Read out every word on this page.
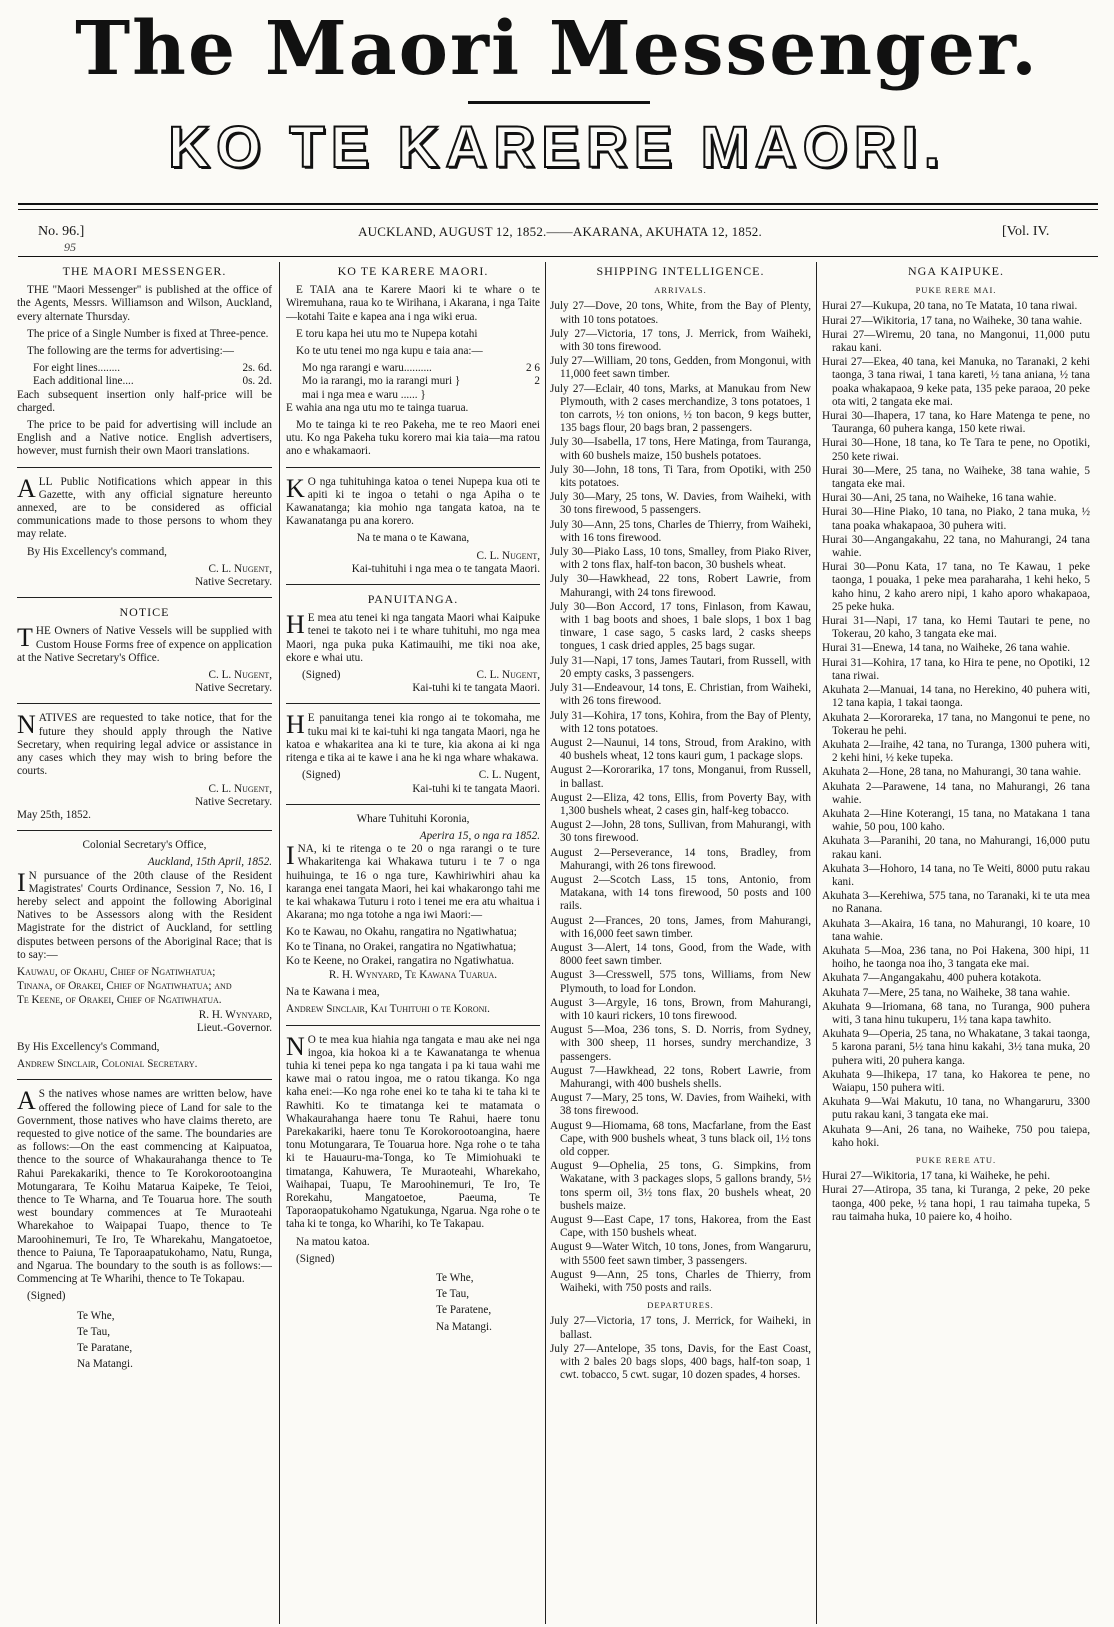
The Maori Messenger.
KO TE KARERE MAORI.
No. 96.]
95
AUCKLAND, AUGUST 12, 1852.——AKARANA, AKUHATA 12, 1852.	[Vol. IV.
THE MAORI MESSENGER.

THE "Maori Messenger" is published at the office of the Agents, Messrs. Williamson and Wilson, Auckland, every alternate Thursday.

The price of a Single Number is fixed at Three-pence.

The following are the terms for advertising:—

For eight lines........	2s. 6d.
Each additional line....	0s. 2d.

Each subsequent insertion only half-price will be charged.

The price to be paid for advertising will include an English and a Native notice. English advertisers, however, must furnish their own Maori translations.

ALL Public Notifications which appear in this Gazette, with any official signature hereunto annexed, are to be considered as official communications made to those persons to whom they may relate.

By His Excellency's command,

C. L. Nugent,

Native Secretary.

NOTICE

THE Owners of Native Vessels will be supplied with Custom House Forms free of expence on application at the Native Secretary's Office.

C. L. Nugent,

Native Secretary.

NATIVES are requested to take notice, that for the future they should apply through the Native Secretary, when requiring legal advice or assistance in any cases which they may wish to bring before the courts.

C. L. Nugent,

Native Secretary.

May 25th, 1852.

Colonial Secretary's Office,

Auckland, 15th April, 1852.

IN pursuance of the 20th clause of the Resident Magistrates' Courts Ordinance, Session 7, No. 16, I hereby select and appoint the following Aboriginal Natives to be Assessors along with the Resident Magistrate for the district of Auckland, for settling disputes between persons of the Aboriginal Race; that is to say:—

Kauwau, of Okahu, Chief of Ngatiwhatua;

Tinana, of Orakei, Chief of Ngatiwhatua; and

Te Keene, of Orakei, Chief of Ngatiwhatua.

R. H. Wynyard,

Lieut.-Governor.

By His Excellency's Command,

Andrew Sinclair, Colonial Secretary.

AS the natives whose names are written below, have offered the following piece of Land for sale to the Government, those natives who have claims thereto, are requested to give notice of the same. The boundaries are as follows:—On the east commencing at Kaipuatoa, thence to the source of Whakaurahanga thence to Te Rahui Parekakariki, thence to Te Korokorootoangina Motungarara, Te Koihu Matarua Kaipeke, Te Teioi, thence to Te Wharna, and Te Touarua hore. The south west boundary commences at Te Muraoteahi Wharekahoe to Waipapai Tuapo, thence to Te Maroohinemuri, Te Iro, Te Wharekahu, Mangatoetoe, thence to Paiuna, Te Taporaapatukohamo, Natu, Runga, and Ngarua. The boundary to the south is as follows:—Commencing at Te Wharihi, thence to Te Tokapau.

(Signed)

Te Whe,
Te Tau,
Te Paratane,
Na Matangi.
KO TE KARERE MAORI.

E TAIA ana te Karere Maori ki te whare o te Wiremuhana, raua ko te Wirihana, i Akarana, i nga Taite—kotahi Taite e kapea ana i nga wiki erua.

E toru kapa hei utu mo te Nupepa kotahi

Ko te utu tenei mo nga kupu e taia ana:—

Mo nga rarangi e waru..........	2 6
Mo ia rarangi, mo ia rarangi muri }	2
mai i nga mea e waru ...... }

E wahia ana nga utu mo te tainga tuarua.

Mo te tainga ki te reo Pakeha, me te reo Maori enei utu. Ko nga Pakeha tuku korero mai kia taia—ma ratou ano e whakamaori.

KO nga tuhituhinga katoa o tenei Nupepa kua oti te apiti ki te ingoa o tetahi o nga Apiha o te Kawanatanga; kia mohio nga tangata katoa, na te Kawanatanga pu ana korero.

Na te mana o te Kawana,

C. L. Nugent,

Kai-tuhituhi i nga mea o te tangata Maori.

PANUITANGA.

HE mea atu tenei ki nga tangata Maori whai Kaipuke tenei te takoto nei i te whare tuhituhi, mo nga mea Maori, nga puka puka Katimauihi, me tiki noa ake, ekore e whai utu.

(Signed)	C. L. Nugent,

Kai-tuhi ki te tangata Maori.

HE panuitanga tenei kia rongo ai te tokomaha, me tuku mai ki te kai-tuhi ki nga tangata Maori, nga he katoa e whakaritea ana ki te ture, kia akona ai ki nga ritenga e tika ai te kawe i ana he ki nga whare whakawa.

(Signed)	C. L. Nugent,

Kai-tuhi ki te tangata Maori.

Whare Tuhituhi Koronia,

Aperira 15, o nga ra 1852.

INA, ki te ritenga o te 20 o nga rarangi o te ture Whakaritenga kai Whakawa tuturu i te 7 o nga huihuinga, te 16 o nga ture, Kawhiriwhiri ahau ka karanga enei tangata Maori, hei kai whakarongo tahi me te kai whakawa Tuturu i roto i tenei me era atu whaitua i Akarana; mo nga totohe a nga iwi Maori:—

Ko te Kawau, no Okahu, rangatira no Ngatiwhatua;

Ko te Tinana, no Orakei, rangatira no Ngatiwhatua;

Ko te Keene, no Orakei, rangatira no Ngatiwhatua.

R. H. Wynyard, Te Kawana Tuarua.

Na te Kawana i mea,

Andrew Sinclair, Kai Tuhituhi o te Koroni.

NO te mea kua hiahia nga tangata e mau ake nei nga ingoa, kia hokoa ki a te Kawanatanga te whenua tuhia ki tenei pepa ko nga tangata i pa ki taua wahi me kawe mai o ratou ingoa, me o ratou tikanga. Ko nga kaha enei:—Ko nga rohe enei ko te taha ki te taha ki te Rawhiti. Ko te timatanga kei te matamata o Whakaurahanga haere tonu Te Rahui, haere tonu Parekakariki, haere tonu Te Korokorootoangina, haere tonu Motungarara, Te Touarua hore. Nga rohe o te taha ki te Hauauru-ma-Tonga, ko Te Mimiohuaki te timatanga, Kahuwera, Te Muraoteahi, Wharekaho, Waihapai, Tuapu, Te Maroohinemuri, Te Iro, Te Rorekahu, Mangatoetoe, Paeuma, Te Taporaopatukohamo Ngatukunga, Ngarua. Nga rohe o te taha ki te tonga, ko Wharihi, ko Te Takapau.

Na matou katoa.

(Signed)

Te Whe,
Te Tau,
Te Paratene,
Na Matangi.
SHIPPING INTELLIGENCE.
ARRIVALS.

July 27—Dove, 20 tons, White, from the Bay of Plenty, with 10 tons potatoes.

July 27—Victoria, 17 tons, J. Merrick, from Waiheki, with 30 tons firewood.

July 27—William, 20 tons, Gedden, from Mongonui, with 11,000 feet sawn timber.

July 27—Eclair, 40 tons, Marks, at Manukau from New Plymouth, with 2 cases merchandize, 3 tons potatoes, 1 ton carrots, ½ ton onions, ½ ton bacon, 9 kegs butter, 135 bags flour, 20 bags bran, 2 passengers.

July 30—Isabella, 17 tons, Here Matinga, from Tauranga, with 60 bushels maize, 150 bushels potatoes.

July 30—John, 18 tons, Ti Tara, from Opotiki, with 250 kits potatoes.

July 30—Mary, 25 tons, W. Davies, from Waiheki, with 30 tons firewood, 5 passengers.

July 30—Ann, 25 tons, Charles de Thierry, from Waiheki, with 16 tons firewood.

July 30—Piako Lass, 10 tons, Smalley, from Piako River, with 2 tons flax, half-ton bacon, 30 bushels wheat.

July 30—Hawkhead, 22 tons, Robert Lawrie, from Mahurangi, with 24 tons firewood.

July 30—Bon Accord, 17 tons, Finlason, from Kawau, with 1 bag boots and shoes, 1 bale slops, 1 box 1 bag tinware, 1 case sago, 5 casks lard, 2 casks sheeps tongues, 1 cask dried apples, 25 bags sugar.

July 31—Napi, 17 tons, James Tautari, from Russell, with 20 empty casks, 3 passengers.

July 31—Endeavour, 14 tons, E. Christian, from Waiheki, with 26 tons firewood.

July 31—Kohira, 17 tons, Kohira, from the Bay of Plenty, with 12 tons potatoes.

August 2—Naunui, 14 tons, Stroud, from Arakino, with 40 bushels wheat, 12 tons kauri gum, 1 package slops.

August 2—Kororarika, 17 tons, Monganui, from Russell, in ballast.

August 2—Eliza, 42 tons, Ellis, from Poverty Bay, with 1,300 bushels wheat, 2 cases gin, half-keg tobacco.

August 2—John, 28 tons, Sullivan, from Mahurangi, with 30 tons firewood.

August 2—Perseverance, 14 tons, Bradley, from Mahurangi, with 26 tons firewood.

August 2—Scotch Lass, 15 tons, Antonio, from Matakana, with 14 tons firewood, 50 posts and 100 rails.

August 2—Frances, 20 tons, James, from Mahurangi, with 16,000 feet sawn timber.

August 3—Alert, 14 tons, Good, from the Wade, with 8000 feet sawn timber.

August 3—Cresswell, 575 tons, Williams, from New Plymouth, to load for London.

August 3—Argyle, 16 tons, Brown, from Mahurangi, with 10 kauri rickers, 10 tons firewood.

August 5—Moa, 236 tons, S. D. Norris, from Sydney, with 300 sheep, 11 horses, sundry merchandize, 3 passengers.

August 7—Hawkhead, 22 tons, Robert Lawrie, from Mahurangi, with 400 bushels shells.

August 7—Mary, 25 tons, W. Davies, from Waiheki, with 38 tons firewood.

August 9—Hiomama, 68 tons, Macfarlane, from the East Cape, with 900 bushels wheat, 3 tuns black oil, 1½ tons old copper.

August 9—Ophelia, 25 tons, G. Simpkins, from Wakatane, with 3 packages slops, 5 gallons brandy, 5½ tons sperm oil, 3½ tons flax, 20 bushels wheat, 20 bushels maize.

August 9—East Cape, 17 tons, Hakorea, from the East Cape, with 150 bushels wheat.

August 9—Water Witch, 10 tons, Jones, from Wangaruru, with 5500 feet sawn timber, 3 passengers.

August 9—Ann, 25 tons, Charles de Thierry, from Waiheki, with 750 posts and rails.

DEPARTURES.

July 27—Victoria, 17 tons, J. Merrick, for Waiheki, in ballast.

July 27—Antelope, 35 tons, Davis, for the East Coast, with 2 bales 20 bags slops, 400 bags, half-ton soap, 1 cwt. tobacco, 5 cwt. sugar, 10 dozen spades, 4 horses.

NGA KAIPUKE.
PUKE RERE MAI.

Hurai 27—Kukupa, 20 tana, no Te Matata, 10 tana riwai.

Hurai 27—Wikitoria, 17 tana, no Waiheke, 30 tana wahie.

Hurai 27—Wiremu, 20 tana, no Mangonui, 11,000 putu rakau kani.

Hurai 27—Ekea, 40 tana, kei Manuka, no Taranaki, 2 kehi taonga, 3 tana riwai, 1 tana kareti, ½ tana aniana, ½ tana poaka whakapaoa, 9 keke pata, 135 peke paraoa, 20 peke ota witi, 2 tangata eke mai.

Hurai 30—Ihapera, 17 tana, ko Hare Matenga te pene, no Tauranga, 60 puhera kanga, 150 kete riwai.

Hurai 30—Hone, 18 tana, ko Te Tara te pene, no Opotiki, 250 kete riwai.

Hurai 30—Mere, 25 tana, no Waiheke, 38 tana wahie, 5 tangata eke mai.

Hurai 30—Ani, 25 tana, no Waiheke, 16 tana wahie.

Hurai 30—Hine Piako, 10 tana, no Piako, 2 tana muka, ½ tana poaka whakapaoa, 30 puhera witi.

Hurai 30—Angangakahu, 22 tana, no Mahurangi, 24 tana wahie.

Hurai 30—Ponu Kata, 17 tana, no Te Kawau, 1 peke taonga, 1 pouaka, 1 peke mea paraharaha, 1 kehi heko, 5 kaho hinu, 2 kaho arero nipi, 1 kaho aporo whakapaoa, 25 peke huka.

Hurai 31—Napi, 17 tana, ko Hemi Tautari te pene, no Tokerau, 20 kaho, 3 tangata eke mai.

Hurai 31—Enewa, 14 tana, no Waiheke, 26 tana wahie.

Hurai 31—Kohira, 17 tana, ko Hira te pene, no Opotiki, 12 tana riwai.

Akuhata 2—Manuai, 14 tana, no Herekino, 40 puhera witi, 12 tana kapia, 1 takai taonga.

Akuhata 2—Kororareka, 17 tana, no Mangonui te pene, no Tokerau he pehi.

Akuhata 2—Iraihe, 42 tana, no Turanga, 1300 puhera witi, 2 kehi hini, ½ keke tupeka.

Akuhata 2—Hone, 28 tana, no Mahurangi, 30 tana wahie.

Akuhata 2—Parawene, 14 tana, no Mahurangi, 26 tana wahie.

Akuhata 2—Hine Koterangi, 15 tana, no Matakana 1 tana wahie, 50 pou, 100 kaho.

Akuhata 3—Paranihi, 20 tana, no Mahurangi, 16,000 putu rakau kani.

Akuhata 3—Hohoro, 14 tana, no Te Weiti, 8000 putu rakau kani.

Akuhata 3—Kerehiwa, 575 tana, no Taranaki, ki te uta mea no Ranana.

Akuhata 3—Akaira, 16 tana, no Mahurangi, 10 koare, 10 tana wahie.

Akuhata 5—Moa, 236 tana, no Poi Hakena, 300 hipi, 11 hoiho, he taonga noa iho, 3 tangata eke mai.

Akuhata 7—Angangakahu, 400 puhera kotakota.

Akuhata 7—Mere, 25 tana, no Waiheke, 38 tana wahie.

Akuhata 9—Iriomana, 68 tana, no Turanga, 900 puhera witi, 3 tana hinu tukuperu, 1½ tana kapa tawhito.

Akuhata 9—Operia, 25 tana, no Whakatane, 3 takai taonga, 5 karona parani, 5½ tana hinu kakahi, 3½ tana muka, 20 puhera witi, 20 puhera kanga.

Akuhata 9—Ihikepa, 17 tana, ko Hakorea te pene, no Waiapu, 150 puhera witi.

Akuhata 9—Wai Makutu, 10 tana, no Whangaruru, 3300 putu rakau kani, 3 tangata eke mai.

Akuhata 9—Ani, 26 tana, no Waiheke, 750 pou taiepa, kaho hoki.

PUKE RERE ATU.

Hurai 27—Wikitoria, 17 tana, ki Waiheke, he pehi.

Hurai 27—Atiropa, 35 tana, ki Turanga, 2 peke, 20 peke taonga, 400 peke, ½ tana hopi, 1 rau taimaha tupeka, 5 rau taimaha huka, 10 paiere ko, 4 hoiho.
